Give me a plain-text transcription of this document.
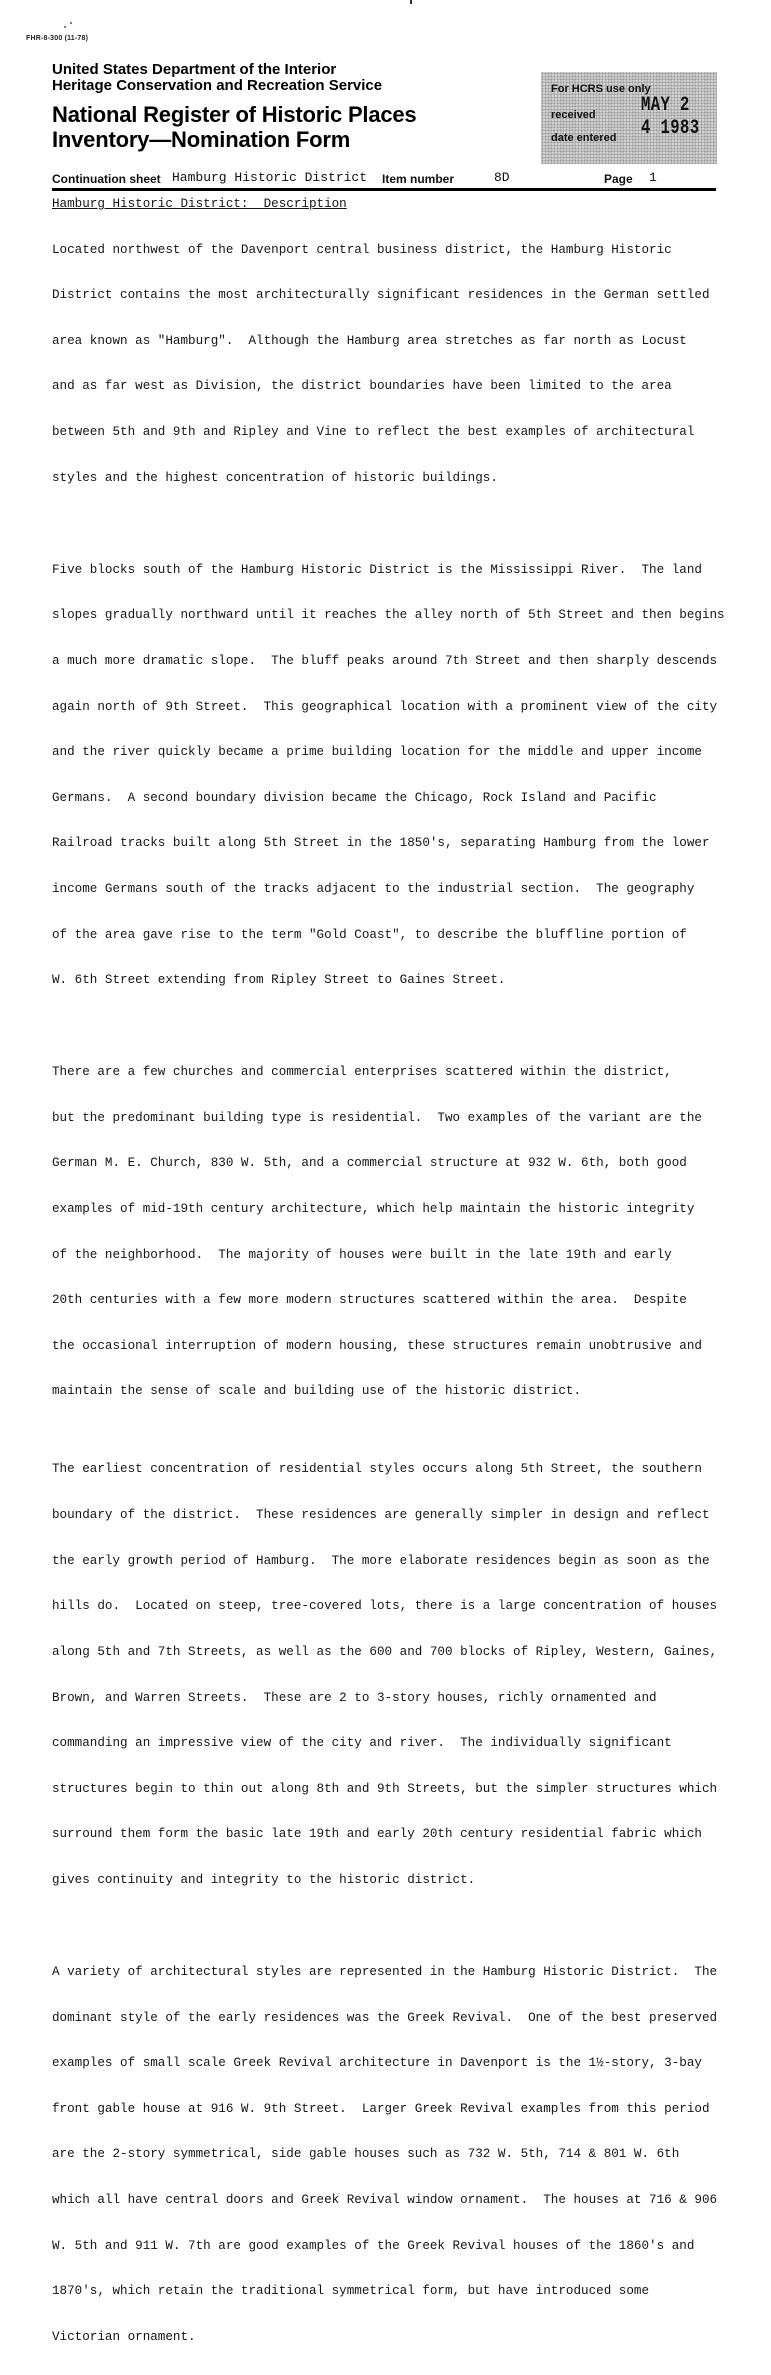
FHR-8-300 (11-78)
United States Department of the Interior
Heritage Conservation and Recreation Service
National Register of Historic Places
Inventory—Nomination Form
For HCRS use only
received MAY 2 4 1983
date entered
Continuation sheet Hamburg Historic District Item number	8D	Page 1
Hamburg Historic District:  Description

Located northwest of the Davenport central business district, the Hamburg Historic

District contains the most architecturally significant residences in the German settled

area known as "Hamburg".  Although the Hamburg area stretches as far north as Locust

and as far west as Division, the district boundaries have been limited to the area

between 5th and 9th and Ripley and Vine to reflect the best examples of architectural

styles and the highest concentration of historic buildings.

Five blocks south of the Hamburg Historic District is the Mississippi River.  The land

slopes gradually northward until it reaches the alley north of 5th Street and then begins

a much more dramatic slope.  The bluff peaks around 7th Street and then sharply descends

again north of 9th Street.  This geographical location with a prominent view of the city

and the river quickly became a prime building location for the middle and upper income

Germans.  A second boundary division became the Chicago, Rock Island and Pacific

Railroad tracks built along 5th Street in the 1850's, separating Hamburg from the lower

income Germans south of the tracks adjacent to the industrial section.  The geography

of the area gave rise to the term "Gold Coast", to describe the bluffline portion of

W. 6th Street extending from Ripley Street to Gaines Street.

There are a few churches and commercial enterprises scattered within the district,

but the predominant building type is residential.  Two examples of the variant are the

German M. E. Church, 830 W. 5th, and a commercial structure at 932 W. 6th, both good

examples of mid-19th century architecture, which help maintain the historic integrity

of the neighborhood.  The majority of houses were built in the late 19th and early

20th centuries with a few more modern structures scattered within the area.  Despite

the occasional interruption of modern housing, these structures remain unobtrusive and

maintain the sense of scale and building use of the historic district.

The earliest concentration of residential styles occurs along 5th Street, the southern

boundary of the district.  These residences are generally simpler in design and reflect

the early growth period of Hamburg.  The more elaborate residences begin as soon as the

hills do.  Located on steep, tree-covered lots, there is a large concentration of houses

along 5th and 7th Streets, as well as the 600 and 700 blocks of Ripley, Western, Gaines,

Brown, and Warren Streets.  These are 2 to 3-story houses, richly ornamented and

commanding an impressive view of the city and river.  The individually significant

structures begin to thin out along 8th and 9th Streets, but the simpler structures which

surround them form the basic late 19th and early 20th century residential fabric which

gives continuity and integrity to the historic district.

A variety of architectural styles are represented in the Hamburg Historic District.  The

dominant style of the early residences was the Greek Revival.  One of the best preserved

examples of small scale Greek Revival architecture in Davenport is the 1½-story, 3-bay

front gable house at 916 W. 9th Street.  Larger Greek Revival examples from this period

are the 2-story symmetrical, side gable houses such as 732 W. 5th, 714 & 801 W. 6th

which all have central doors and Greek Revival window ornament.  The houses at 716 & 906

W. 5th and 911 W. 7th are good examples of the Greek Revival houses of the 1860's and

1870's, which retain the traditional symmetrical form, but have introduced some

Victorian ornament.
